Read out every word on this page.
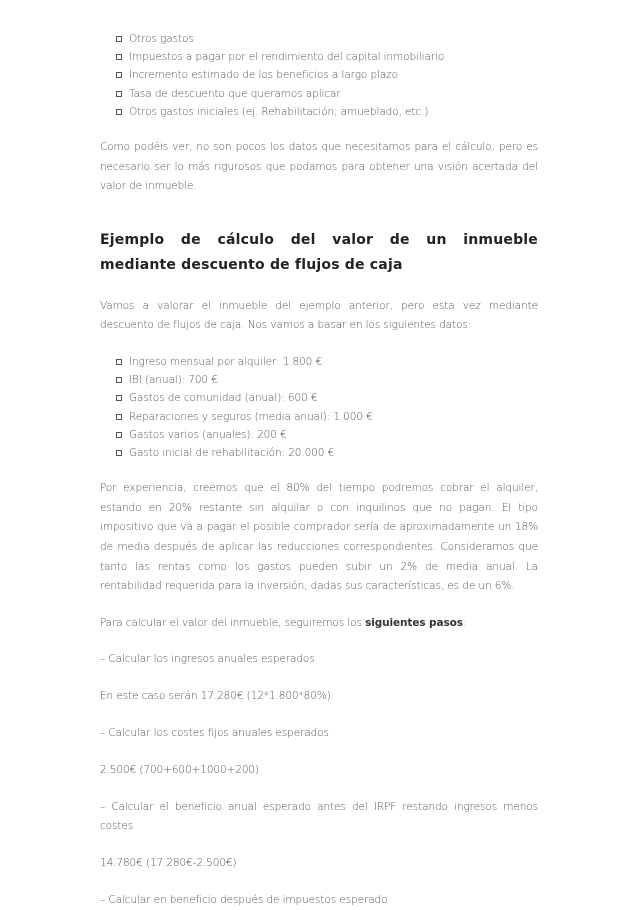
Otros gastos
Impuestos a pagar por el rendimiento del capital inmobiliario
Incremento estimado de los beneficios a largo plazo
Tasa de descuento que queramos aplicar
Otros gastos iniciales (ej. Rehabilitación, amueblado, etc.)

Como podéis ver, no son pocos los datos que necesitamos para el cálculo, pero es necesario ser lo más rigurosos que podamos para obtener una visión acertada del valor de inmueble.

Ejemplo de cálculo del valor de un inmueble mediante descuento de flujos de caja

Vamos a valorar el inmueble del ejemplo anterior, pero esta vez mediante descuento de flujos de caja. Nos vamos a basar en los siguientes datos:

Ingreso mensual por alquiler: 1.800 €
IBI (anual): 700 €
Gastos de comunidad (anual): 600 €
Reparaciones y seguros (media anual): 1.000 €
Gastos varios (anuales): 200 €
Gasto inicial de rehabilitación: 20.000 €

Por experiencia, creemos que el 80% del tiempo podremos cobrar el alquiler, estando en 20% restante sin alquilar o con inquilinos que no pagan. El tipo impositivo que va a pagar el posible comprador sería de aproximadamente un 18% de media después de aplicar las reducciones correspondientes. Consideramos que tanto las rentas como los gastos pueden subir un 2% de media anual. La rentabilidad requerida para la inversión, dadas sus características, es de un 6%.

Para calcular el valor del inmueble, seguiremos los siguientes pasos:

– Calcular los ingresos anuales esperados

En este caso serán 17.280€ (12*1.800*80%)

– Calcular los costes fijos anuales esperados

2.500€ (700+600+1000+200)

– Calcular el beneficio anual esperado antes del IRPF restando ingresos menos costes

14.780€ (17.280€-2.500€)

– Calcular en beneficio después de impuestos esperado
